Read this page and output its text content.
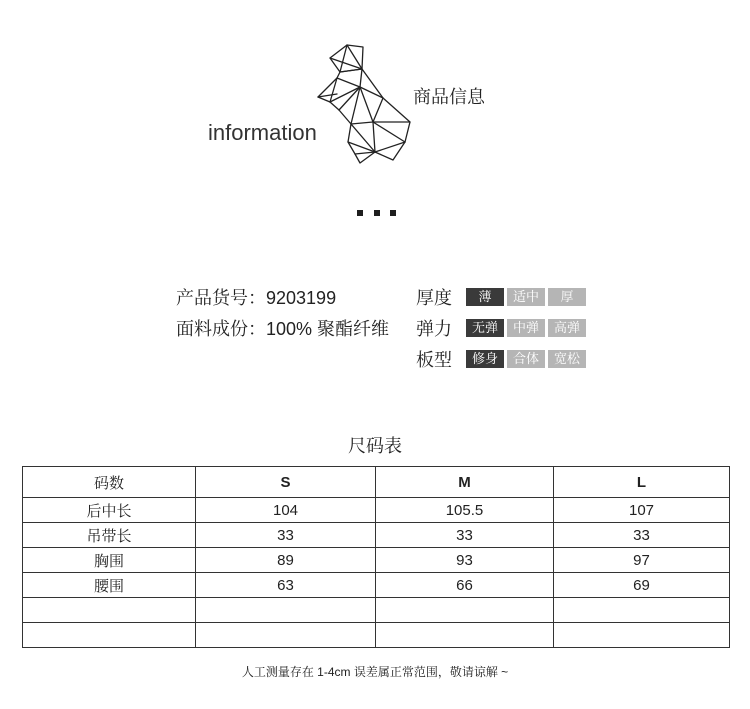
information
商品信息
产品货号：9203199
面料成份：100% 聚酯纤维
厚度	薄	适中	厚
弹力	无弹	中弹	高弹
板型	修身	合体	宽松
尺码表
码数	S	M	L
后中长	104	105.5	107
吊带长	33	33	33
胸围	89	93	97
腰围	63	66	69

人工测量存在 1-4cm 误差属正常范围，敬请谅解 ~
